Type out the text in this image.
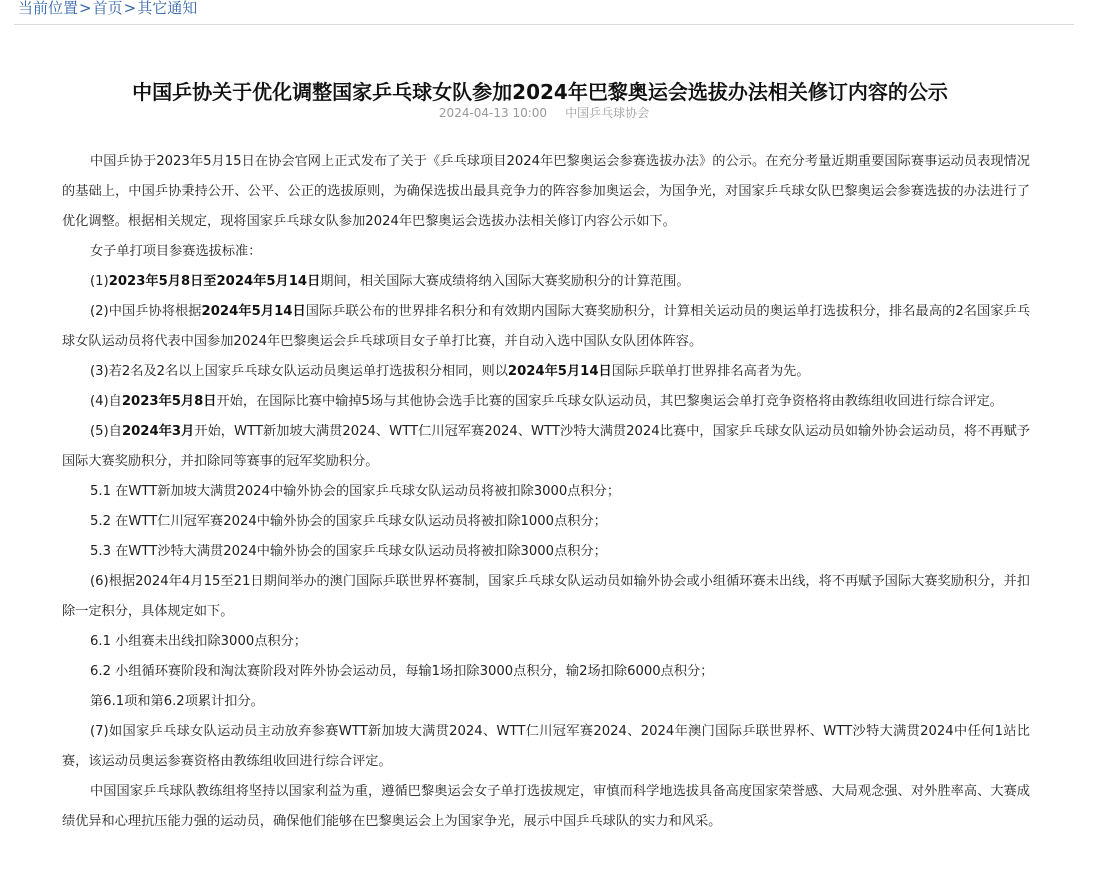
当前位置>首页>其它通知
中国乒协关于优化调整国家乒乓球女队参加2024年巴黎奥运会选拔办法相关修订内容的公示
2024-04-13 10:00 中国乒乓球协会

中国乒协于2023年5月15日在协会官网上正式发布了关于《乒乓球项目2024年巴黎奥运会参赛选拔办法》的公示。在充分考量近期重要国际赛事运动员表现情况的基础上，中国乒协秉持公开、公平、公正的选拔原则，为确保选拔出最具竞争力的阵容参加奥运会，为国争光，对国家乒乓球女队巴黎奥运会参赛选拔的办法进行了优化调整。根据相关规定，现将国家乒乓球女队参加2024年巴黎奥运会选拔办法相关修订内容公示如下。

女子单打项目参赛选拔标准：

(1)2023年5月8日至2024年5月14日期间，相关国际大赛成绩将纳入国际大赛奖励积分的计算范围。

(2)中国乒协将根据2024年5月14日国际乒联公布的世界排名积分和有效期内国际大赛奖励积分，计算相关运动员的奥运单打选拔积分，排名最高的2名国家乒乓球女队运动员将代表中国参加2024年巴黎奥运会乒乓球项目女子单打比赛，并自动入选中国队女队团体阵容。

(3)若2名及2名以上国家乒乓球女队运动员奥运单打选拔积分相同，则以2024年5月14日国际乒联单打世界排名高者为先。

(4)自2023年5月8日开始，在国际比赛中输掉5场与其他协会选手比赛的国家乒乓球女队运动员，其巴黎奥运会单打竞争资格将由教练组收回进行综合评定。

(5)自2024年3月开始，WTT新加坡大满贯2024、WTT仁川冠军赛2024、WTT沙特大满贯2024比赛中，国家乒乓球女队运动员如输外协会运动员，将不再赋予国际大赛奖励积分，并扣除同等赛事的冠军奖励积分。

5.1 在WTT新加坡大满贯2024中输外协会的国家乒乓球女队运动员将被扣除3000点积分；

5.2 在WTT仁川冠军赛2024中输外协会的国家乒乓球女队运动员将被扣除1000点积分；

5.3 在WTT沙特大满贯2024中输外协会的国家乒乓球女队运动员将被扣除3000点积分；

(6)根据2024年4月15至21日期间举办的澳门国际乒联世界杯赛制，国家乒乓球女队运动员如输外协会或小组循环赛未出线，将不再赋予国际大赛奖励积分，并扣除一定积分，具体规定如下。

6.1 小组赛未出线扣除3000点积分；

6.2 小组循环赛阶段和淘汰赛阶段对阵外协会运动员，每输1场扣除3000点积分，输2场扣除6000点积分；

第6.1项和第6.2项累计扣分。

(7)如国家乒乓球女队运动员主动放弃参赛WTT新加坡大满贯2024、WTT仁川冠军赛2024、2024年澳门国际乒联世界杯、WTT沙特大满贯2024中任何1站比赛，该运动员奥运参赛资格由教练组收回进行综合评定。

中国国家乒乓球队教练组将坚持以国家利益为重，遵循巴黎奥运会女子单打选拔规定，审慎而科学地选拔具备高度国家荣誉感、大局观念强、对外胜率高、大赛成绩优异和心理抗压能力强的运动员，确保他们能够在巴黎奥运会上为国家争光，展示中国乒乓球队的实力和风采。
